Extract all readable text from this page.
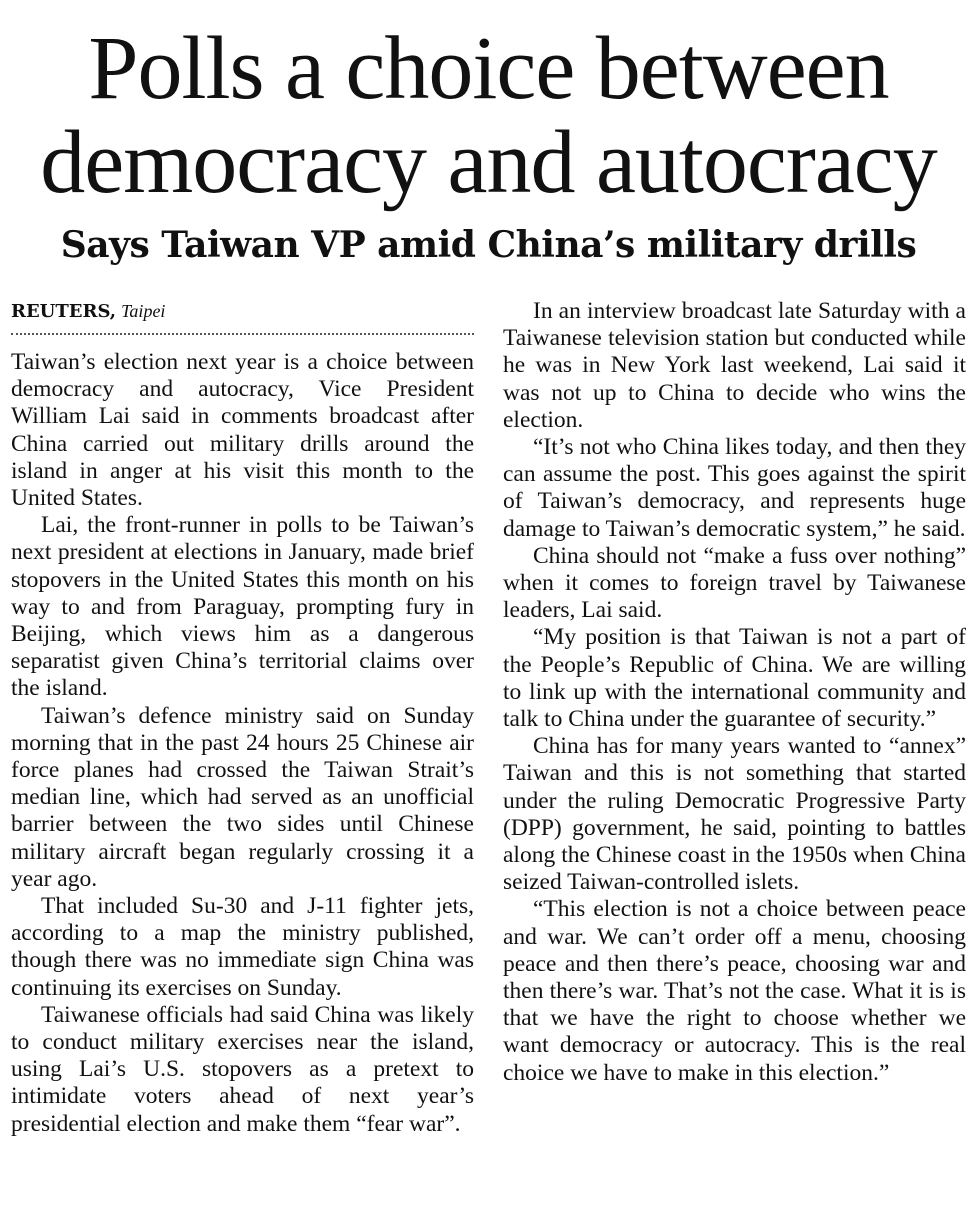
Polls a choice between democracy and autocracy
Says Taiwan VP amid China’s military drills
REUTERS, Taipei

Taiwan’s election next year is a choice between democracy and autocracy, Vice President William Lai said in comments broadcast after China carried out military drills around the island in anger at his visit this month to the United States.

Lai, the front-runner in polls to be Taiwan’s next president at elections in January, made brief stopovers in the United States this month on his way to and from Paraguay, prompting fury in Beijing, which views him as a dangerous separatist given China’s territorial claims over the island.

Taiwan’s defence ministry said on Sunday morning that in the past 24 hours 25 Chinese air force planes had crossed the Taiwan Strait’s median line, which had served as an unofficial barrier between the two sides until Chinese military aircraft began regularly crossing it a year ago.

That included Su-30 and J-11 fighter jets, according to a map the ministry published, though there was no immediate sign China was continuing its exercises on Sunday.

Taiwanese officials had said China was likely to conduct military exercises near the island, using Lai’s U.S. stopovers as a pretext to intimidate voters ahead of next year’s presidential election and make them “fear war”.

In an interview broadcast late Saturday with a Taiwanese television station but conducted while he was in New York last weekend, Lai said it was not up to China to decide who wins the election.

“It’s not who China likes today, and then they can assume the post. This goes against the spirit of Taiwan’s democracy, and represents huge damage to Taiwan’s democratic system,” he said.

China should not “make a fuss over nothing” when it comes to foreign travel by Taiwanese leaders, Lai said.

“My position is that Taiwan is not a part of the People’s Republic of China. We are willing to link up with the international community and talk to China under the guarantee of security.”

China has for many years wanted to “annex” Taiwan and this is not something that started under the ruling Democratic Progressive Party (DPP) government, he said, pointing to battles along the Chinese coast in the 1950s when China seized Taiwan-controlled islets.

“This election is not a choice between peace and war. We can’t order off a menu, choosing peace and then there’s peace, choosing war and then there’s war. That’s not the case. What it is is that we have the right to choose whether we want democracy or autocracy. This is the real choice we have to make in this election.”
